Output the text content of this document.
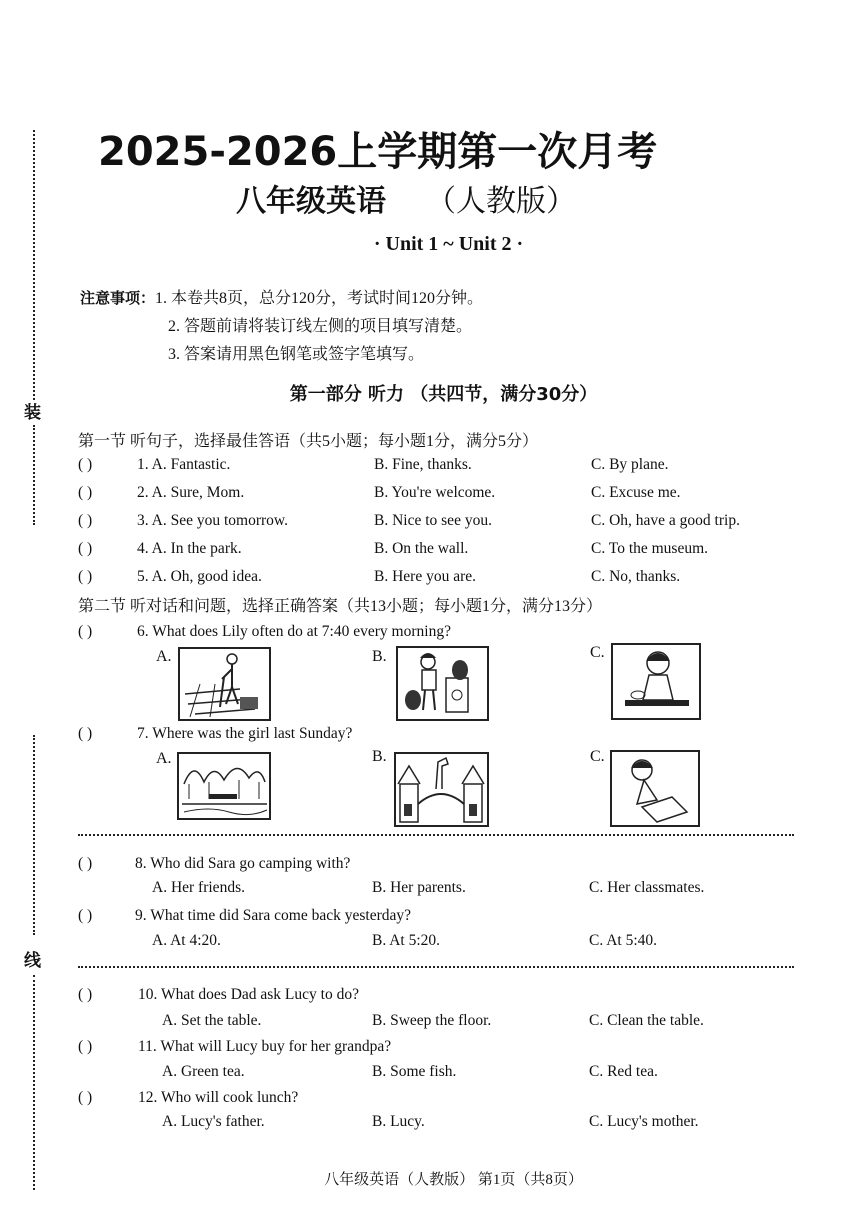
装
线
2025-2026上学期第一次月考
八年级英语 （人教版）
· Unit 1 ~ Unit 2 ·
注意事项：1. 本卷共8页，总分120分，考试时间120分钟。
2. 答题前请将装订线左侧的项目填写清楚。
3. 答案请用黑色钢笔或签字笔填写。
第一部分 听力 （共四节，满分30分）
第一节 听句子，选择最佳答语（共5小题；每小题1分，满分5分）
( )	1. A. Fantastic.	B. Fine, thanks.	C. By plane.
( )	2. A. Sure, Mom.	B. You're welcome.	C. Excuse me.
( )	3. A. See you tomorrow.	B. Nice to see you.	C. Oh, have a good trip.
( )	4. A. In the park.	B. On the wall.	C. To the museum.
( )	5. A. Oh, good idea.	B. Here you are.	C. No, thanks.
第二节 听对话和问题，选择正确答案（共13小题；每小题1分，满分13分）
( )	6. What does Lily often do at 7:40 every morning?
A.	B.	C.
( )	7. Where was the girl last Sunday?
A.	B.	C.
( )	8. Who did Sara go camping with?
A. Her friends.	B. Her parents.	C. Her classmates.
( )	9. What time did Sara come back yesterday?
A. At 4:20.	B. At 5:20.	C. At 5:40.
( )	10. What does Dad ask Lucy to do?
A. Set the table.	B. Sweep the floor.	C. Clean the table.
( )	11. What will Lucy buy for her grandpa?
A. Green tea.	B. Some fish.	C. Red tea.
( )	12. Who will cook lunch?
A. Lucy's father.	B. Lucy.	C. Lucy's mother.
八年级英语（人教版） 第1页（共8页）
